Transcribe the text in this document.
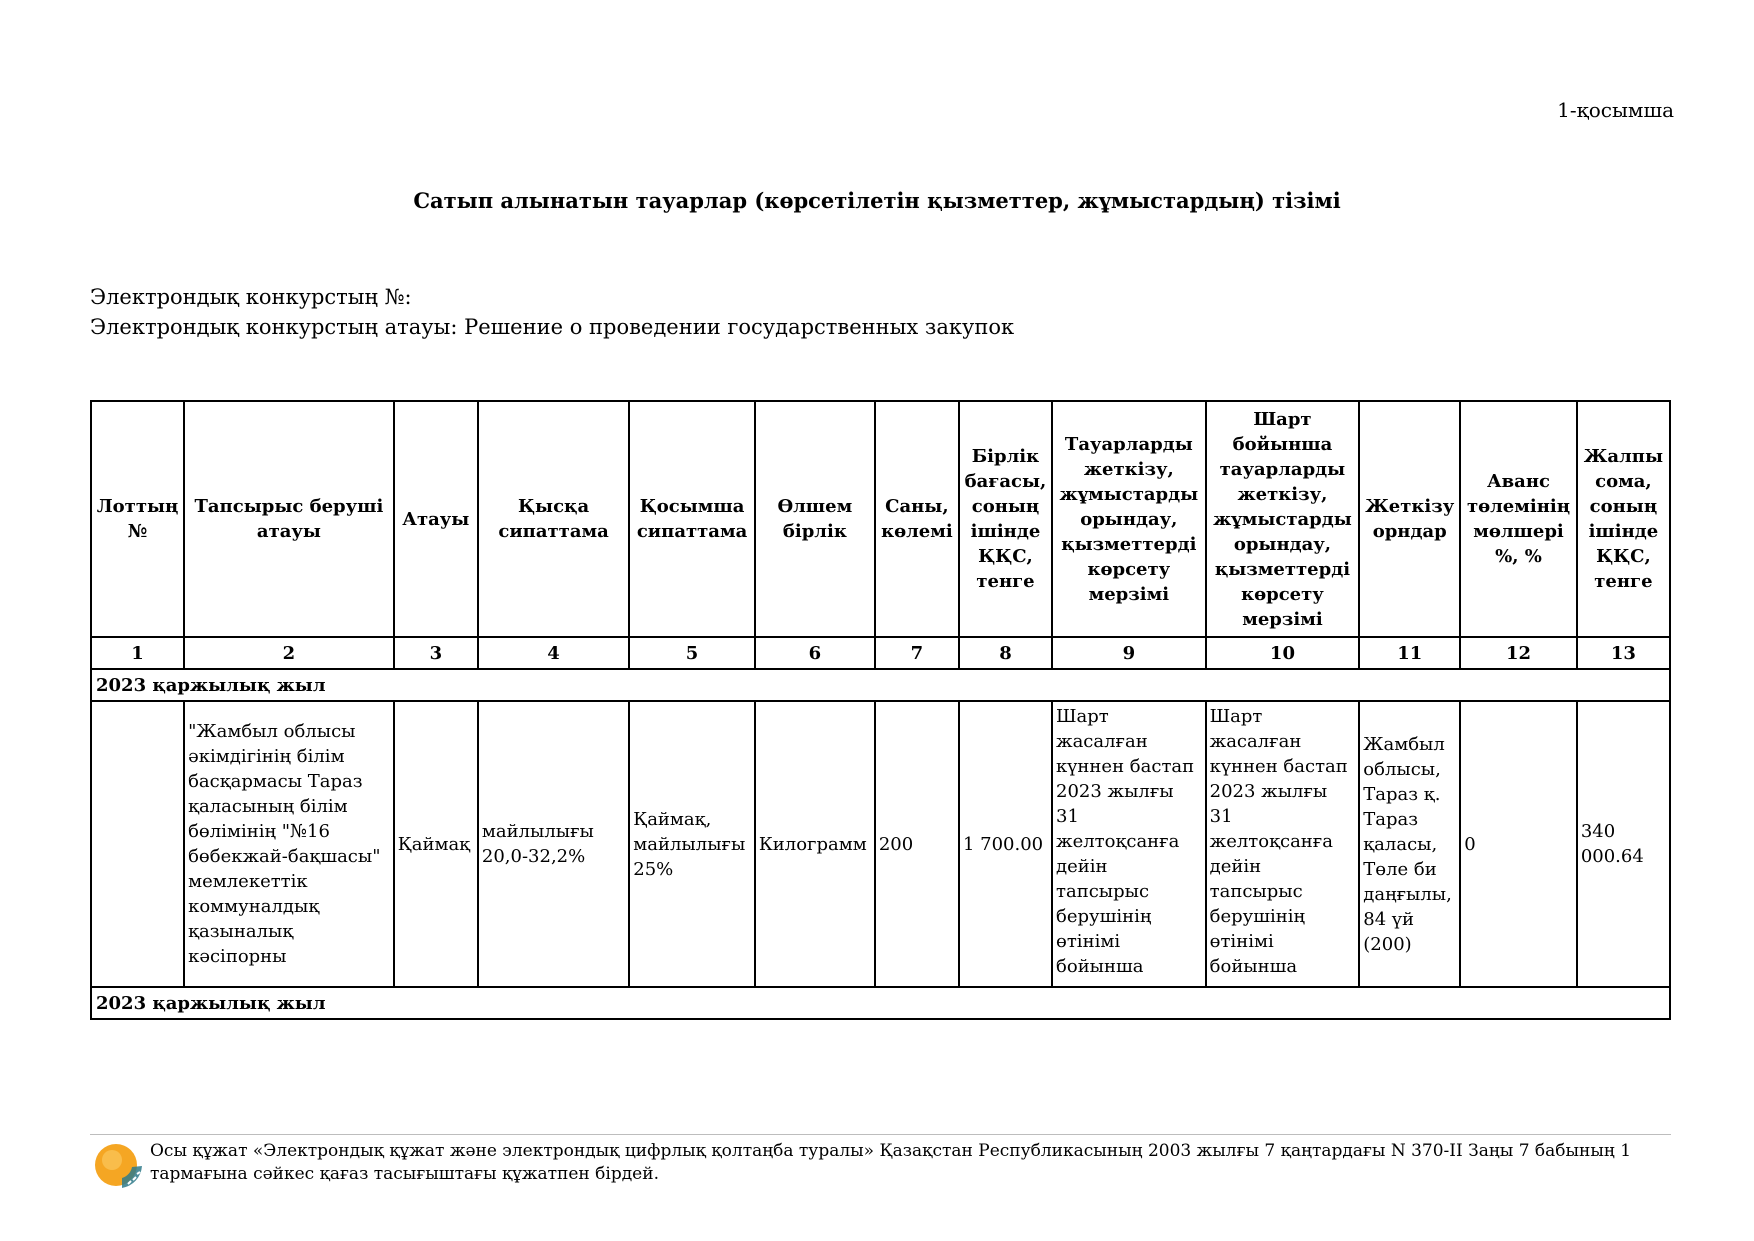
1-қосымша
Сатып алынатын тауарлар (көрсетілетін қызметтер, жұмыстардың) тізімі
Электрондық конкурстың №:
Электрондық конкурстың атауы: Решение о проведении государственных закупок
Лоттың №	Тапсырыс беруші атауы	Атауы	Қысқа сипаттама	Қосымша сипаттама	Өлшем бірлік	Саны, көлемі	Бірлік бағасы, соның ішінде ҚҚС, тенге	Тауарларды жеткізу, жұмыстарды орындау, қызметтерді көрсету мерзімі	Шарт бойынша тауарларды жеткізу, жұмыстарды орындау, қызметтерді көрсету мерзімі	Жеткізу орндар	Аванс төлемінің мөлшері %, %	Жалпы сома, соның ішінде ҚҚС, тенге
1	2	3	4	5	6	7	8	9	10	11	12	13
2023 қаржылық жыл												
	"Жамбыл облысы әкімдігінің білім басқармасы Тараз қаласының білім бөлімінің "№16 бөбекжай-бақшасы" мемлекеттік коммуналдық қазыналық кәсіпорны	Қаймақ	майлылығы 20,0-32,2%	Қаймақ, майлылығы 25%	Килограмм	200	1 700.00	Шарт жасалған күннен бастап 2023 жылғы 31 желтоқсанға дейін тапсырыс берушінің өтінімі бойынша	Шарт жасалған күннен бастап 2023 жылғы 31 желтоқсанға дейін тапсырыс берушінің өтінімі бойынша	Жамбыл облысы, Тараз қ. Тараз қаласы, Төле би даңғылы, 84 үй (200)	0	340 000.64
2023 қаржылық жыл												
Осы құжат «Электрондық құжат және электрондық цифрлық қолтаңба туралы» Қазақстан Республикасының 2003 жылғы 7 қаңтардағы N 370-II Заңы 7 бабының 1 тармағына сәйкес қағаз тасығыштағы құжатпен бірдей.
